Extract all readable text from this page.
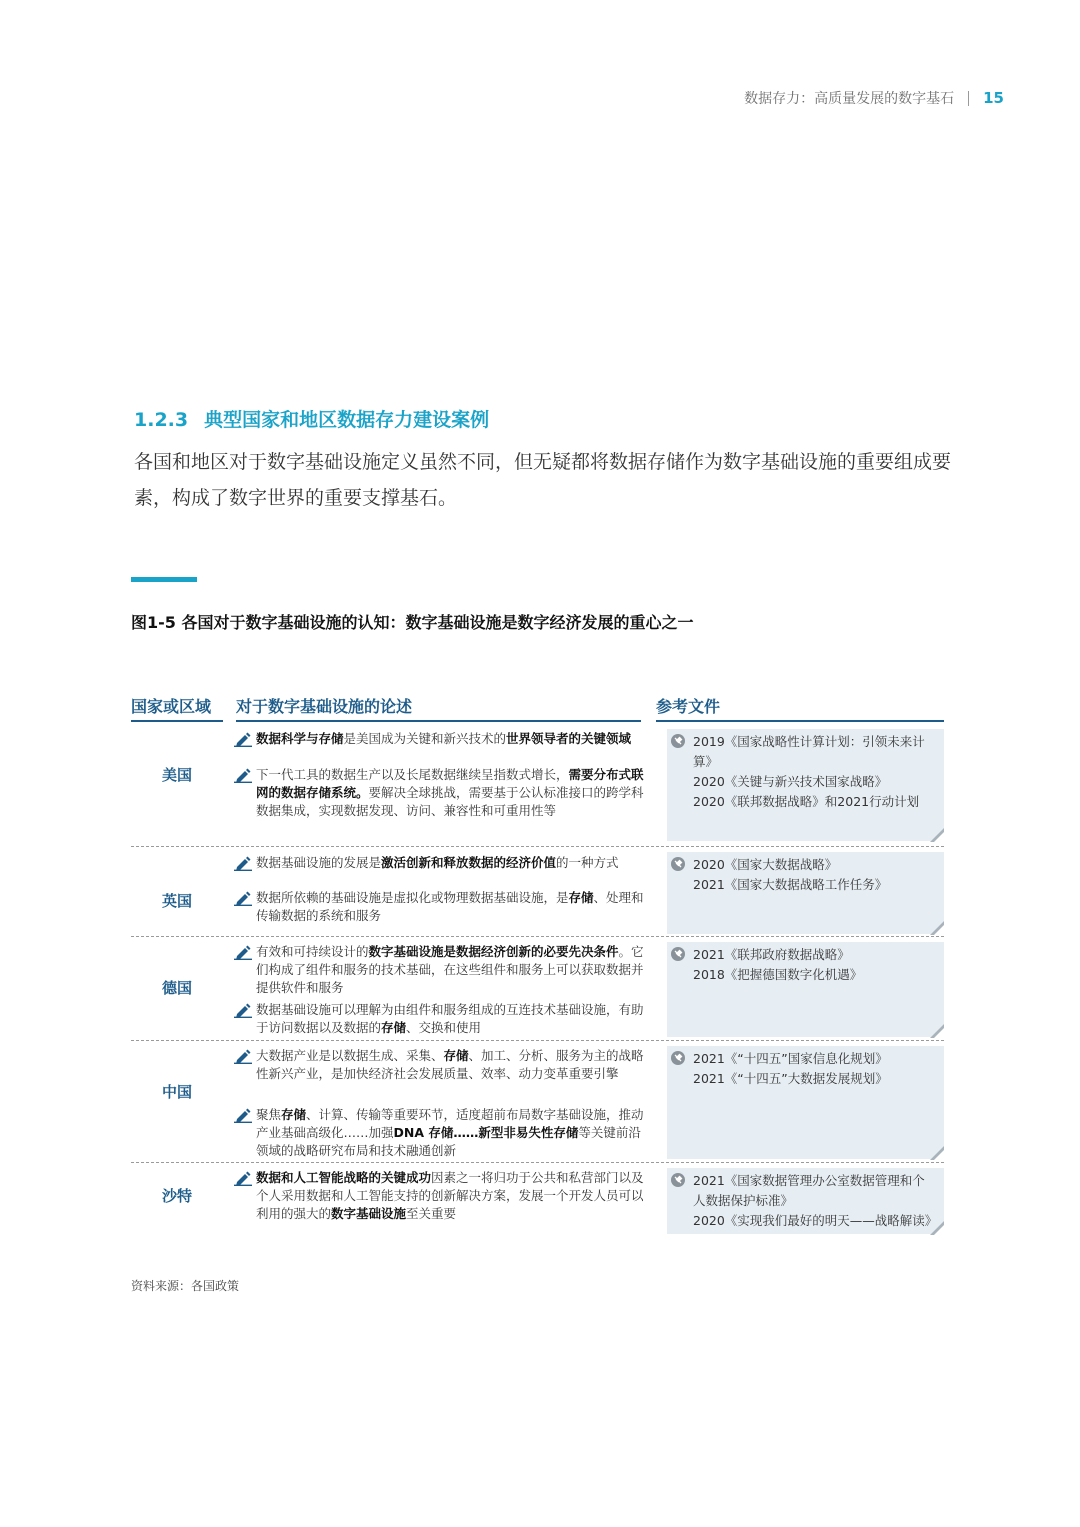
数据存力：高质量发展的数字基石 15
1.2.3 典型国家和地区数据存力建设案例
各国和地区对于数字基础设施定义虽然不同，但无疑都将数据存储作为数字基础设施的重要组成要素，构成了数字世界的重要支撑基石。
图1-5 各国对于数字基础设施的认知：数字基础设施是数字经济发展的重心之一
国家或区域	对于数字基础设施的论述	参考文件
美国
数据科学与存储是美国成为关键和新兴技术的世界领导者的关键领域
下一代工具的数据生产以及长尾数据继续呈指数式增长，需要分布式联网的数据存储系统。要解决全球挑战，需要基于公认标准接口的跨学科数据集成，实现数据发现、访问、兼容性和可重用性等
2019《国家战略性计算计划：引领未来计算》
2020《关键与新兴技术国家战略》
2020《联邦数据战略》和2021行动计划
英国
数据基础设施的发展是激活创新和释放数据的经济价值的一种方式
数据所依赖的基础设施是虚拟化或物理数据基础设施，是存储、处理和传输数据的系统和服务
2020《国家大数据战略》
2021《国家大数据战略工作任务》
德国
有效和可持续设计的数字基础设施是数据经济创新的必要先决条件。它们构成了组件和服务的技术基础，在这些组件和服务上可以获取数据并提供软件和服务
数据基础设施可以理解为由组件和服务组成的互连技术基础设施，有助于访问数据以及数据的存储、交换和使用
2021《联邦政府数据战略》
2018《把握德国数字化机遇》
中国
大数据产业是以数据生成、采集、存储、加工、分析、服务为主的战略性新兴产业，是加快经济社会发展质量、效率、动力变革重要引擎
聚焦存储、计算、传输等重要环节，适度超前布局数字基础设施，推动产业基础高级化……加强DNA 存储……新型非易失性存储等关键前沿领域的战略研究布局和技术融通创新
2021《“十四五”国家信息化规划》
2021《“十四五”大数据发展规划》
沙特
数据和人工智能战略的关键成功因素之一将归功于公共和私营部门以及个人采用数据和人工智能支持的创新解决方案，发展一个开发人员可以利用的强大的数字基础设施至关重要
2021《国家数据管理办公室数据管理和个人数据保护标准》
2020《实现我们最好的明天——战略解读》
资料来源：各国政策
